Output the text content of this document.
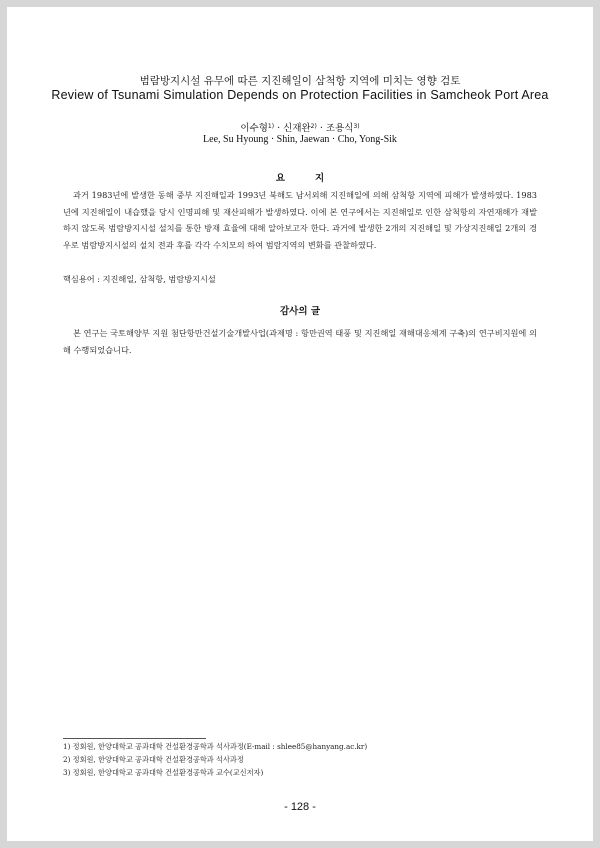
범람방지시설 유무에 따른 지진해일이 삼척항 지역에 미치는 영향 검토
Review of Tsunami Simulation Depends on Protection Facilities in Samcheok Port Area
이수형$^{1)}$ · 신재완$^{2)}$ · 조용식$^{3)}$
Lee, Su Hyoung · Shin, Jaewan · Cho, Yong-Sik
요지

과거 1983년에 발생한 동해 중부 지진해일과 1993년 북해도 남서외해 지진해일에 의해 삼척항 지역에 피해가 발생하였다. 1983년에 지진해일이 내습했을 당시 인명피해 및 재산피해가 발생하였다. 이에 본 연구에서는 지진해일로 인한 삼척항의 자연재해가 재발하지 않도록 범람방지시설 설치를 통한 방재 효율에 대해 알아보고자 한다. 과거에 발생한 2개의 지진해일 및 가상지진해일 2개의 경우로 범람방지시설의 설치 전과 후를 각각 수치모의 하여 범람지역의 변화를 관찰하였다.

핵심용어 : 지진해일, 삼척항, 범람방지시설

감사의 글

본 연구는 국토해양부 지원 첨단항만건설기술개발사업(과제명 : 항만권역 태풍 및 지진해일 재해대응체계 구축)의 연구비지원에 의해 수행되었습니다.

1) 정회원, 한양대학교 공과대학 건설환경공학과 석사과정(E-mail : shlee85@hanyang.ac.kr)
2) 정회원, 한양대학교 공과대학 건설환경공학과 석사과정
3) 정회원, 한양대학교 공과대학 건설환경공학과 교수(교신저자)
- 128 -
